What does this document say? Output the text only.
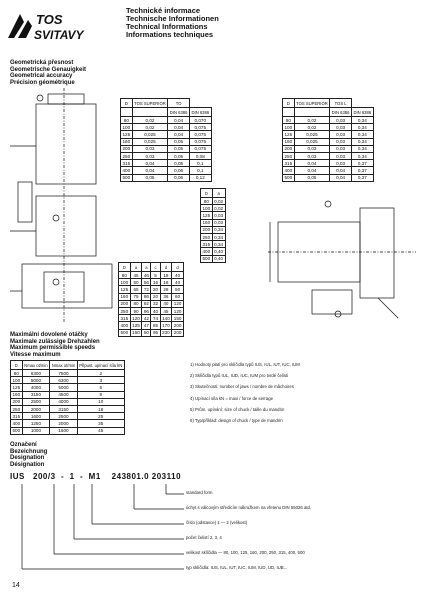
TOS
SVITAVY
Technické informace
Technische Informationen
Technical Informations
Informations techniques
Geometrická přesnost
Geometrische Genauigkeit
Geometrical accuracy
Précision géométrique
D	TOS SUPERIOR	TO	
		DIN 6386	DIN 6386
80	0,02	0,04	0,070
100	0,02	0,04	0,075
125	0,025	0,04	0,075
160	0,025	0,05	0,075
200	0,03	0,05	0,075
250	0,03	0,05	0,08
315	0,04	0,05	0,1
400	0,04	0,06	0,1
500	0,05	0,06	0,12
D	TOS SUPERIOR	TOS L	
		DIN 6386	DIN 6386
80	0,02	0,03	0,34
100	0,02	0,03	0,34
125	0,025	0,03	0,34
160	0,025	0,03	0,34
200	0,03	0,03	0,34
250	0,03	0,03	0,34
315	0,04	0,03	0,37
400	0,04	0,04	0,37
500	0,05	0,04	0,37
D	a
80	0,02
100	0,02
125	0,03
160	0,03
200	0,34
250	0,34
315	0,34
400	0,40
500	0,40
D	a	a	c	d	d
80	45	46	5	18	40
100	50	56	16	18	40
125	65	72	20	28	50
160	75	86	20	36	60
200	80	92	32	40	120
250	90	96	40	45	120
315	120	42	74	140	150
400	125	47	85	170	200
500	150	50	95	230	200
Maximální dovolené otáčky
Maximale zulässige Drehzahlen
Maximum permissible speeds
Vitesse maximum
D	Nmax ot/min	Nmax ot/min	Připust. upínací síla kN
80	6300	7500	2
100	5000	6300	3
125	4000	5000	5
160	3150	4500	8
200	2500	4000	10
250	2000	3150	18
315	1600	2500	25
400	1250	2000	35
500	1000	1600	45
1) Hodnoty platí pro sklíčidla typů IUS, IUL, IUT, IUC, IUM
2) Sklíčidla typů IUL, IUD, IUC, IUM pro tvrdé čelisti
3) Skutečnosti: number of jaws / nombre de mâchoires
4) Upínací síla kN = maxi / force de serrage
5) Prům. upínání: size of chuck / taille du mandrin
6) Typ/příklad: design of chuck / type de mandrin
Označení
Bezeichnung
Designation
Désignation
IUS 200/3 - 1 - M1 243801.0 203110
standard form
úchyt s válcovým středicím nákružkem na vřetenu DIN 55026 atd.
číslo (odstavce) 1 — 2 (velikost)
počet čelistí 2, 3, 4
velikost sklíčidla — 80, 100, 125, 160, 200, 250, 315, 400, 500
typ sklíčidla: IUS, IUL, IUT, IUC, IUM, IUD, UD, IUB...
14
